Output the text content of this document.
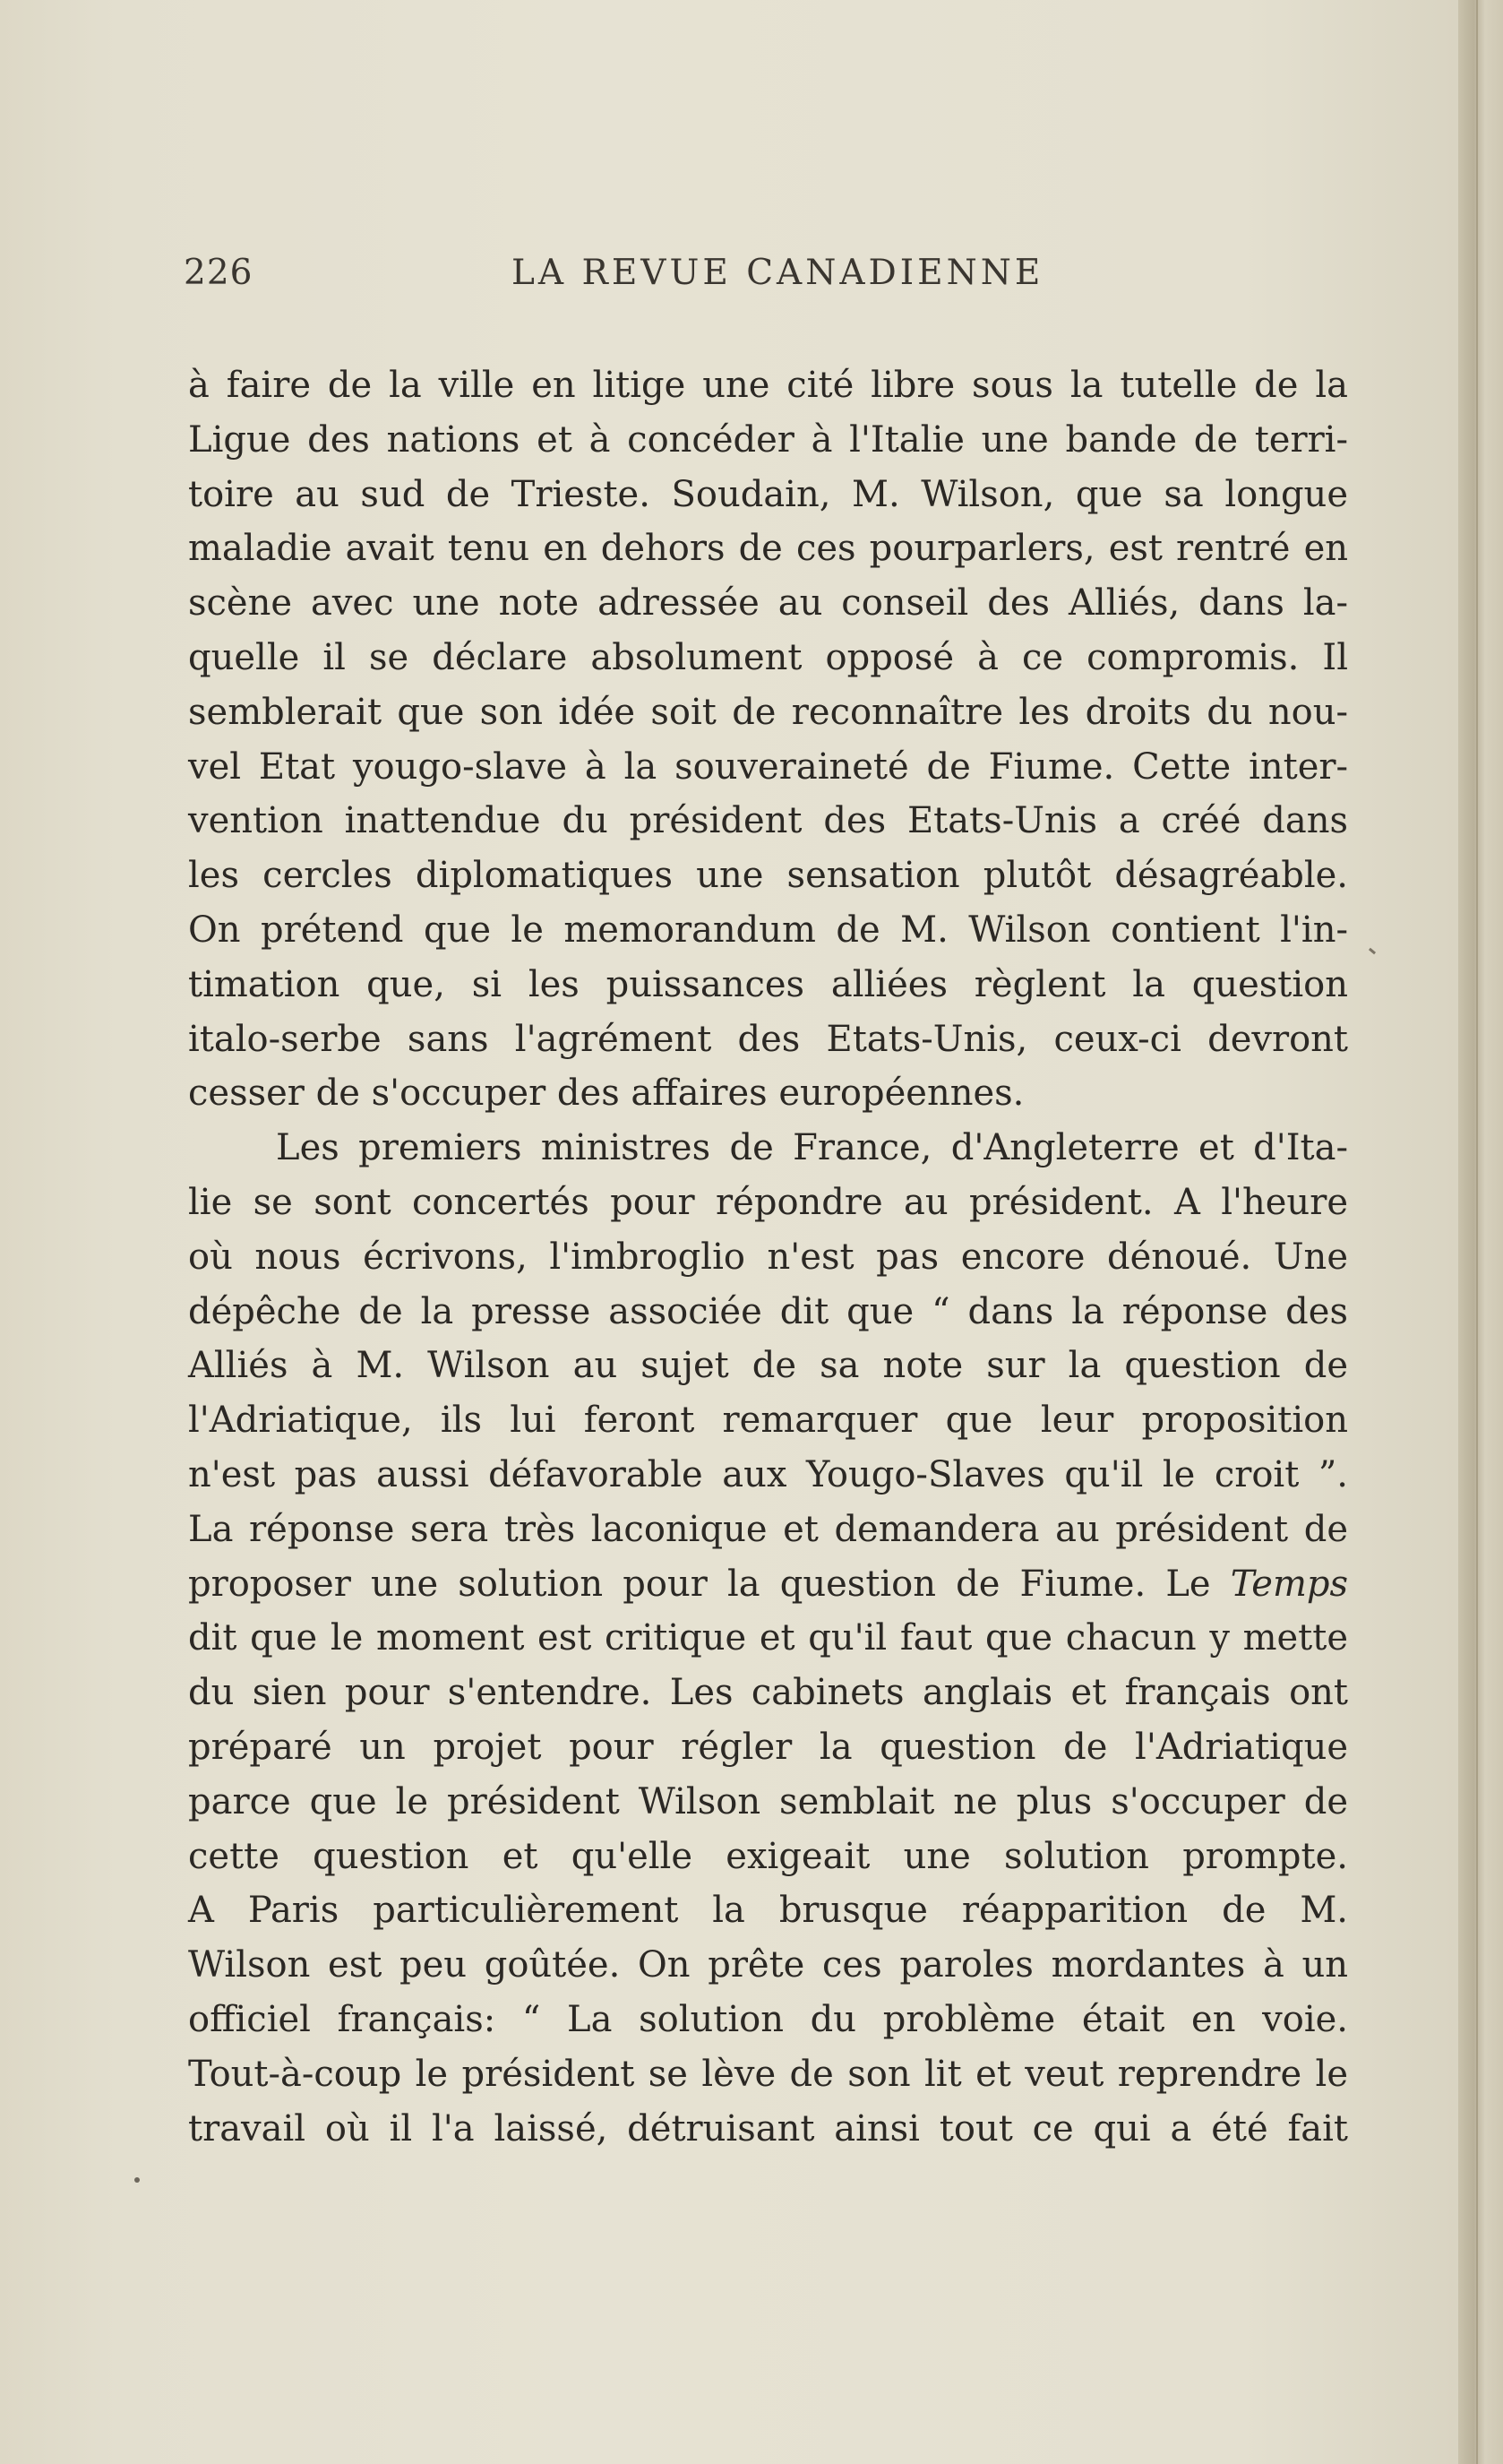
226	LA REVUE CANADIENNE
à faire de la ville en litige une cité libre sous la tutelle de la
Ligue des nations et à concéder à l'Italie une bande de terri-
toire au sud de Trieste. Soudain, M. Wilson, que sa longue
maladie avait tenu en dehors de ces pourparlers, est rentré en
scène avec une note adressée au conseil des Alliés, dans la-
quelle il se déclare absolument opposé à ce compromis. Il
semblerait que son idée soit de reconnaître les droits du nou-
vel Etat yougo-slave à la souveraineté de Fiume. Cette inter-
vention inattendue du président des Etats-Unis a créé dans
les cercles diplomatiques une sensation plutôt désagréable.
On prétend que le memorandum de M. Wilson contient l'in-
timation que, si les puissances alliées règlent la question
italo-serbe sans l'agrément des Etats-Unis, ceux-ci devront
cesser de s'occuper des affaires européennes.
Les premiers ministres de France, d'Angleterre et d'Ita-
lie se sont concertés pour répondre au président. A l'heure
où nous écrivons, l'imbroglio n'est pas encore dénoué. Une
dépêche de la presse associée dit que “ dans la réponse des
Alliés à M. Wilson au sujet de sa note sur la question de
l'Adriatique, ils lui feront remarquer que leur proposition
n'est pas aussi défavorable aux Yougo-Slaves qu'il le croit ”.
La réponse sera très laconique et demandera au président de
proposer une solution pour la question de Fiume. Le Temps
dit que le moment est critique et qu'il faut que chacun y mette
du sien pour s'entendre. Les cabinets anglais et français ont
préparé un projet pour régler la question de l'Adriatique
parce que le président Wilson semblait ne plus s'occuper de
cette question et qu'elle exigeait une solution prompte.
A Paris particulièrement la brusque réapparition de M.
Wilson est peu goûtée. On prête ces paroles mordantes à un
officiel français: “ La solution du problème était en voie.
Tout-à-coup le président se lève de son lit et veut reprendre le
travail où il l'a laissé, détruisant ainsi tout ce qui a été fait
